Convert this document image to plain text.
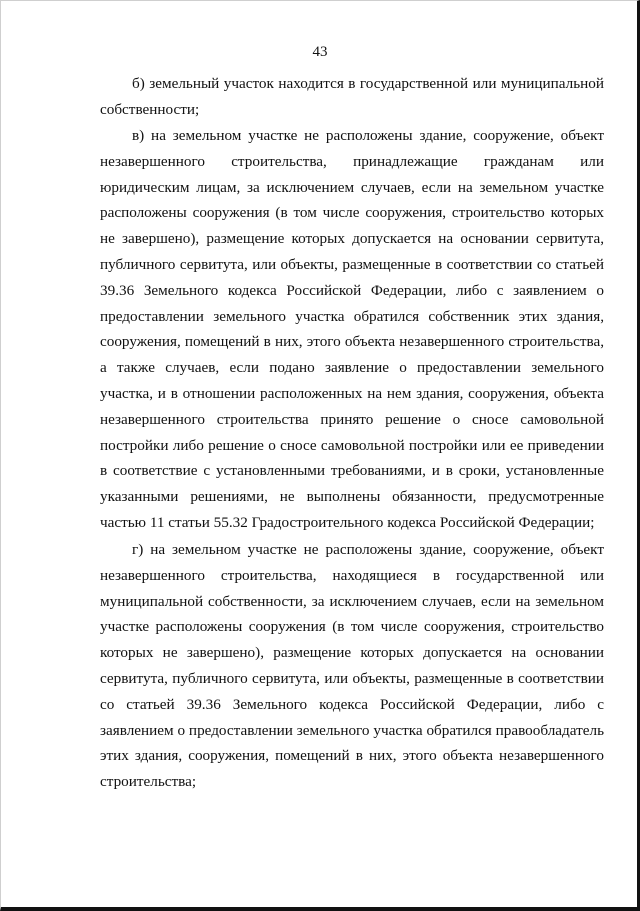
43

б) земельный участок находится в государственной или муниципальной собственности;

в) на земельном участке не расположены здание, сооружение, объект незавершенного строительства, принадлежащие гражданам или юридическим лицам, за исключением случаев, если на земельном участке расположены сооружения (в том числе сооружения, строительство которых не завершено), размещение которых допускается на основании сервитута, публичного сервитута, или объекты, размещенные в соответствии со статьей 39.36 Земельного кодекса Российской Федерации, либо с заявлением о предоставлении земельного участка обратился собственник этих здания, сооружения, помещений в них, этого объекта незавершенного строительства, а также случаев, если подано заявление о предоставлении земельного участка, и в отношении расположенных на нем здания, сооружения, объекта незавершенного строительства принято решение о сносе самовольной постройки либо решение о сносе самовольной постройки или ее приведении в соответствие с установленными требованиями, и в сроки, установленные указанными решениями, не выполнены обязанности, предусмотренные частью 11 статьи 55.32 Градостроительного кодекса Российской Федерации;

г) на земельном участке не расположены здание, сооружение, объект незавершенного строительства, находящиеся в государственной или муниципальной собственности, за исключением случаев, если на земельном участке расположены сооружения (в том числе сооружения, строительство которых не завершено), размещение которых допускается на основании сервитута, публичного сервитута, или объекты, размещенные в соответствии со статьей 39.36 Земельного кодекса Российской Федерации, либо с заявлением о предоставлении земельного участка обратился правообладатель этих здания, сооружения, помещений в них, этого объекта незавершенного строительства;
